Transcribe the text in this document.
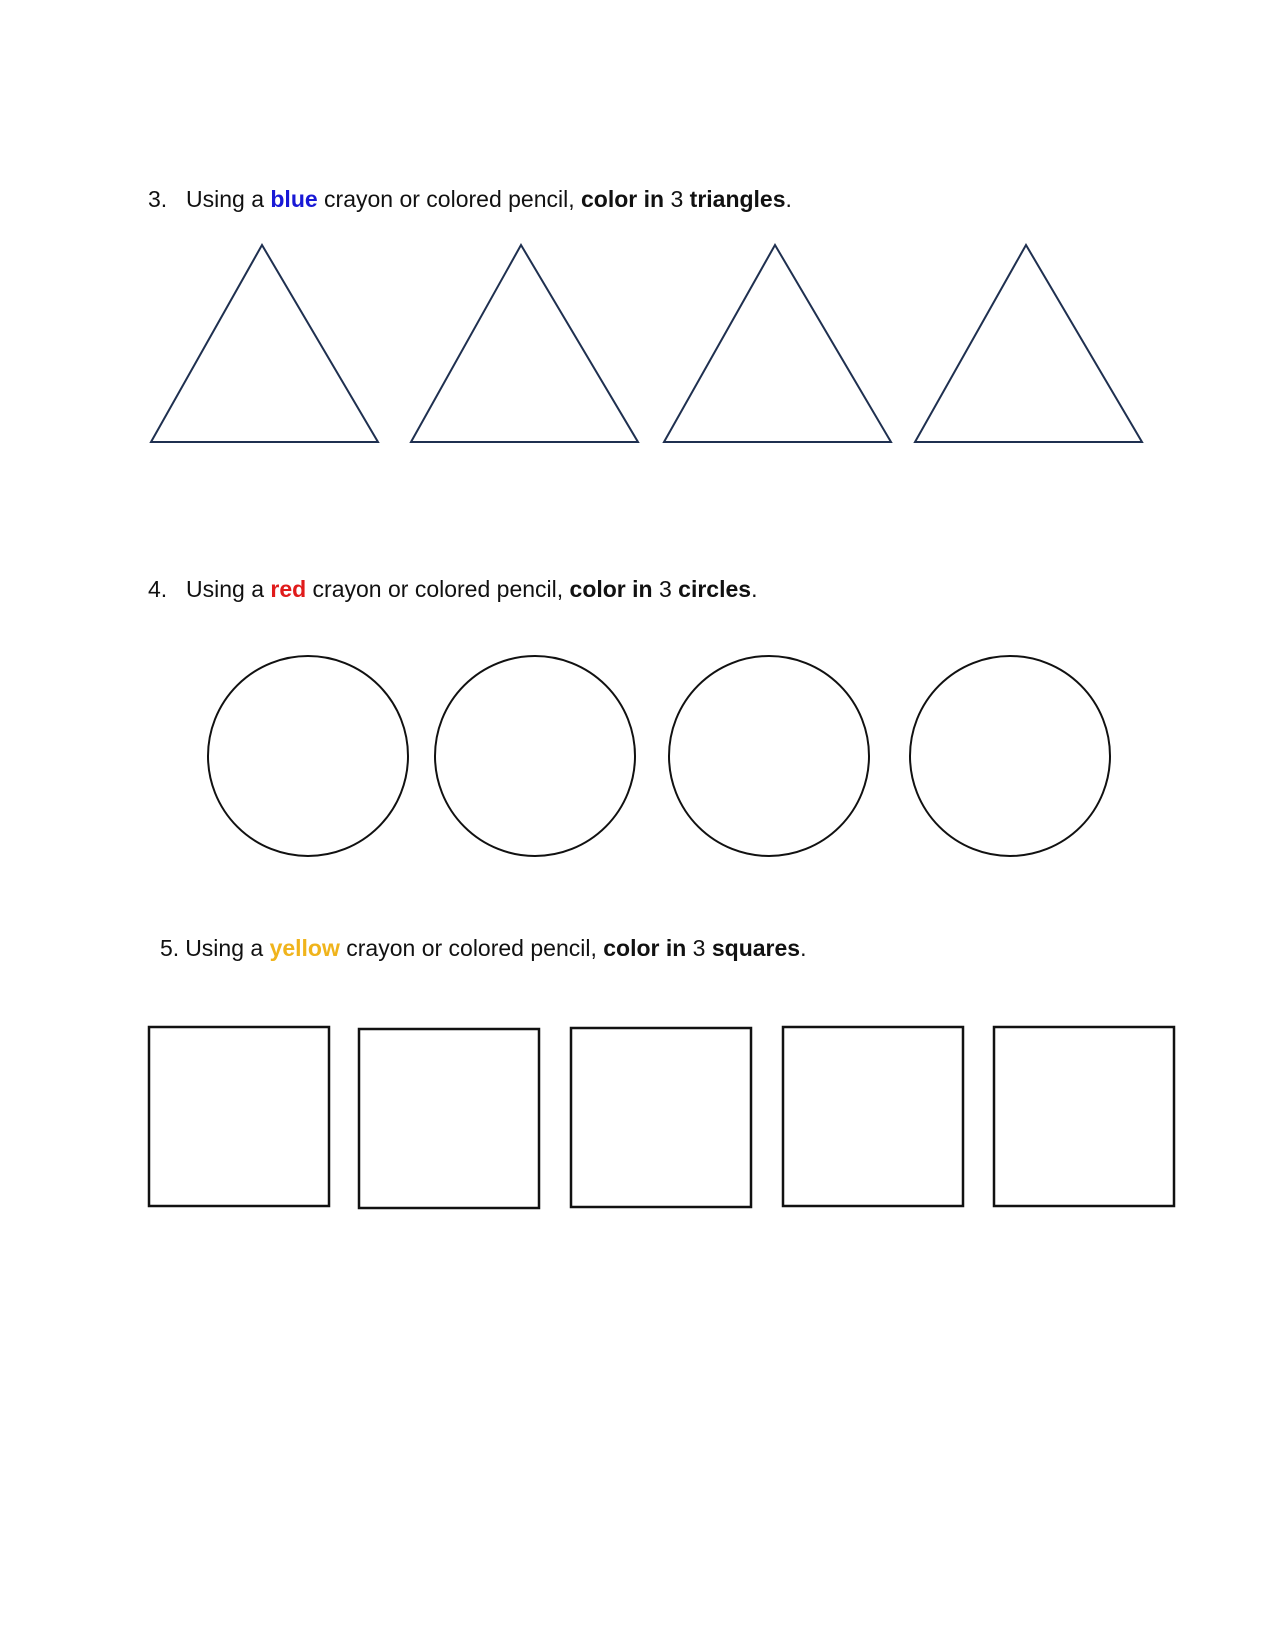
3. Using a blue crayon or colored pencil, color in 3 triangles.

4. Using a red crayon or colored pencil, color in 3 circles.

5. Using a yellow crayon or colored pencil, color in 3 squares.
